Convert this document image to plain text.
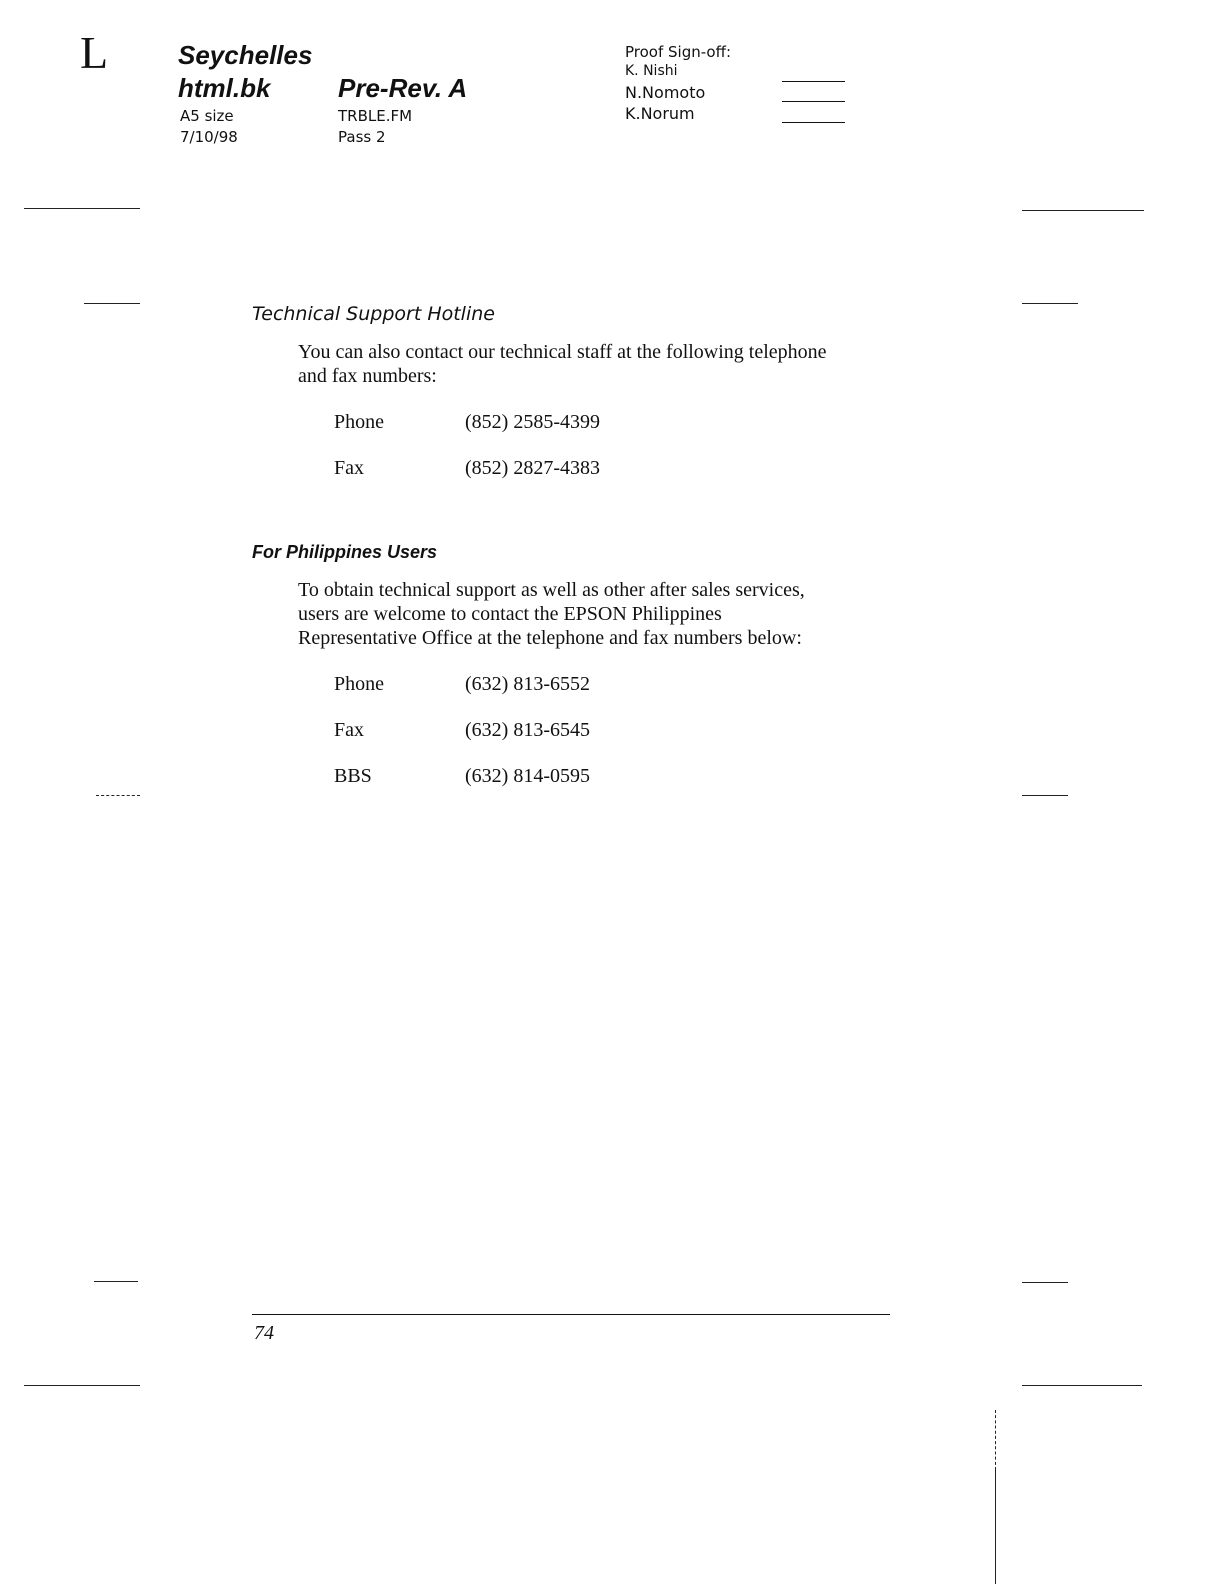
L	Seychelles
html.bk	Pre-Rev. A
A5 size
7/10/98
TRBLE.FM
Pass 2
Proof Sign-off:
K. Nishi
N.Nomoto
K.Norum
Technical Support Hotline
You can also contact our technical staff at the following telephone
and fax numbers:
Phone	(852) 2585-4399
Fax	(852) 2827-4383
For Philippines Users
To obtain technical support as well as other after sales services,
users are welcome to contact the EPSON Philippines
Representative Office at the telephone and fax numbers below:
Phone	(632) 813-6552
Fax	(632) 813-6545
BBS	(632) 814-0595
74
